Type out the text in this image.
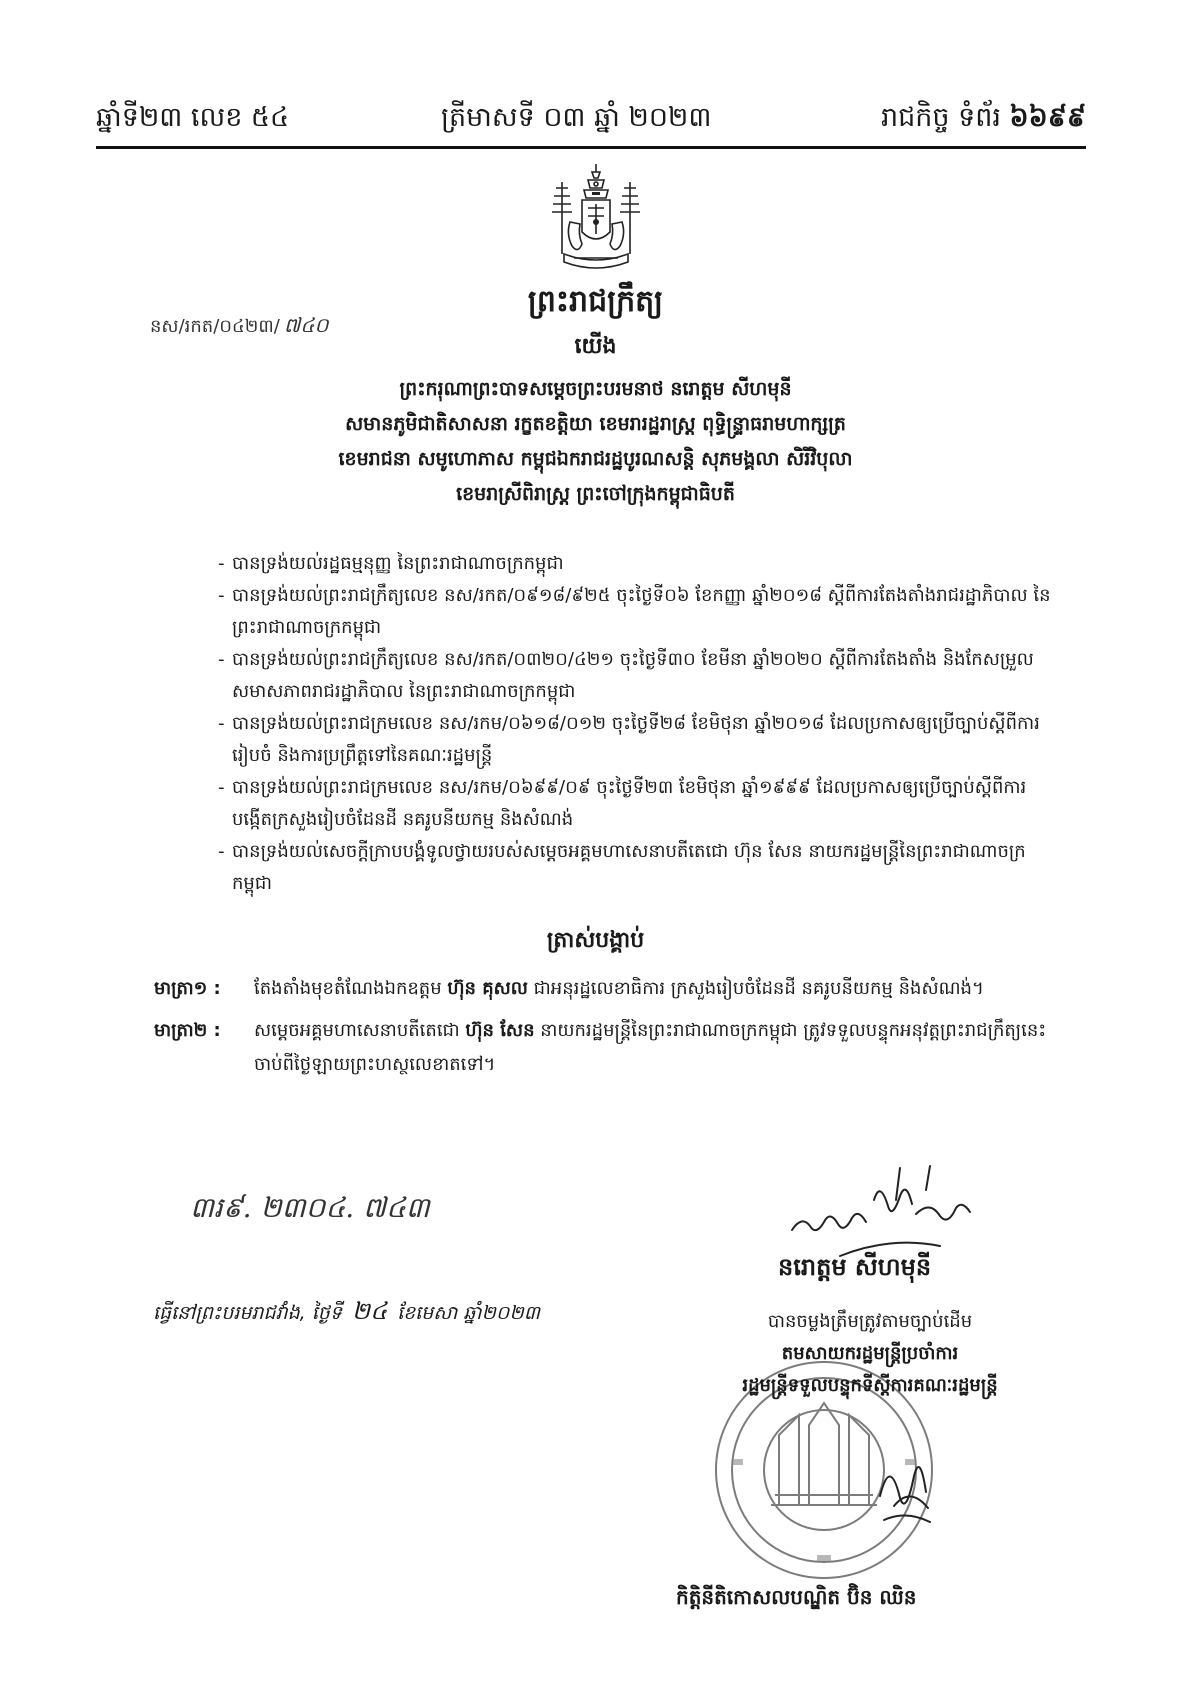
ឆ្នាំទី២៣ លេខ ៥៤	ត្រីមាសទី ០៣ ឆ្នាំ ២០២៣	រាជកិច្ច ទំព័រ ៦៦៩៩
ព្រះរាជក្រឹត្យ
នស/រកត/០៤២៣/ ៧៤០
យើង
ព្រះករុណាព្រះបាទសម្តេចព្រះបរមនាថ នរោត្តម សីហមុនី
សមានភូមិជាតិសាសនា រក្ខតខត្តិយា ខេមរារដ្ឋរាស្ត្រ ពុទ្ធិន្ទ្រាធរាមហាក្សត្រ
ខេមរាជនា សមូហោភាស កម្ពុជឯករាជរដ្ឋបូរណសន្តិ សុភមង្គលា សិរីវិបុលា
ខេមរាស្រីពិរាស្ត្រ ព្រះចៅក្រុងកម្ពុជាធិបតី
- បានទ្រង់យល់រដ្ឋធម្មនុញ្ញ នៃព្រះរាជាណាចក្រកម្ពុជា
- បានទ្រង់យល់ព្រះរាជក្រឹត្យលេខ នស/រកត/០៩១៨/៩២៥ ចុះថ្ងៃទី០៦ ខែកញ្ញា ឆ្នាំ២០១៨ ស្តីពីការតែងតាំងរាជរដ្ឋាភិបាល នៃព្រះរាជាណាចក្រកម្ពុជា
- បានទ្រង់យល់ព្រះរាជក្រឹត្យលេខ នស/រកត/០៣២០/៤២១ ចុះថ្ងៃទី៣០ ខែមីនា ឆ្នាំ២០២០ ស្តីពីការតែងតាំង និងកែសម្រួលសមាសភាពរាជរដ្ឋាភិបាល នៃព្រះរាជាណាចក្រកម្ពុជា
- បានទ្រង់យល់ព្រះរាជក្រមលេខ នស/រកម/០៦១៨/០១២ ចុះថ្ងៃទី២៨ ខែមិថុនា ឆ្នាំ២០១៨ ដែលប្រកាសឲ្យប្រើច្បាប់ស្តីពីការរៀបចំ និងការប្រព្រឹត្តទៅនៃគណៈរដ្ឋមន្ត្រី
- បានទ្រង់យល់ព្រះរាជក្រមលេខ នស/រកម/០៦៩៩/០៩ ចុះថ្ងៃទី២៣ ខែមិថុនា ឆ្នាំ១៩៩៩ ដែលប្រកាសឲ្យប្រើច្បាប់ស្តីពីការបង្កើតក្រសួងរៀបចំដែនដី នគរូបនីយកម្ម និងសំណង់
- បានទ្រង់យល់សេចក្តីក្រាបបង្គំទូលថ្វាយរបស់សម្តេចអគ្គមហាសេនាបតីតេជោ ហ៊ុន សែន នាយករដ្ឋមន្ត្រីនៃព្រះរាជាណាចក្រកម្ពុជា
ត្រាស់បង្គាប់
មាត្រា១ : តែងតាំងមុខតំណែងឯកឧត្តម ហ៊ុន គុសល ជាអនុរដ្ឋលេខាធិការ ក្រសួងរៀបចំដែនដី នគរូបនីយកម្ម និងសំណង់។
មាត្រា២ : សម្តេចអគ្គមហាសេនាបតីតេជោ ហ៊ុន សែន នាយករដ្ឋមន្ត្រីនៃព្រះរាជាណាចក្រកម្ពុជា ត្រូវទទួលបន្ទុកអនុវត្តព្រះរាជក្រឹត្យនេះ ចាប់ពីថ្ងៃឡាយព្រះហស្ថលេខាតទៅ។
៣រ៩. ២៣០៤. ៧៤៣
ធ្វើនៅព្រះបរមរាជវាំង, ថ្ងៃទី ២៤ ខែមេសា ឆ្នាំ២០២៣
នរោត្តម សីហមុនី
បានចម្លងត្រឹមត្រូវតាមច្បាប់ដើម
តមសាយករដ្ឋមន្ត្រីប្រចាំការ
រដ្ឋមន្ត្រីទទួលបន្ទុកទីស្តីការគណៈរដ្ឋមន្ត្រី
កិត្តិនីតិកោសលបណ្ឌិត ប៊ិន ឈិន
